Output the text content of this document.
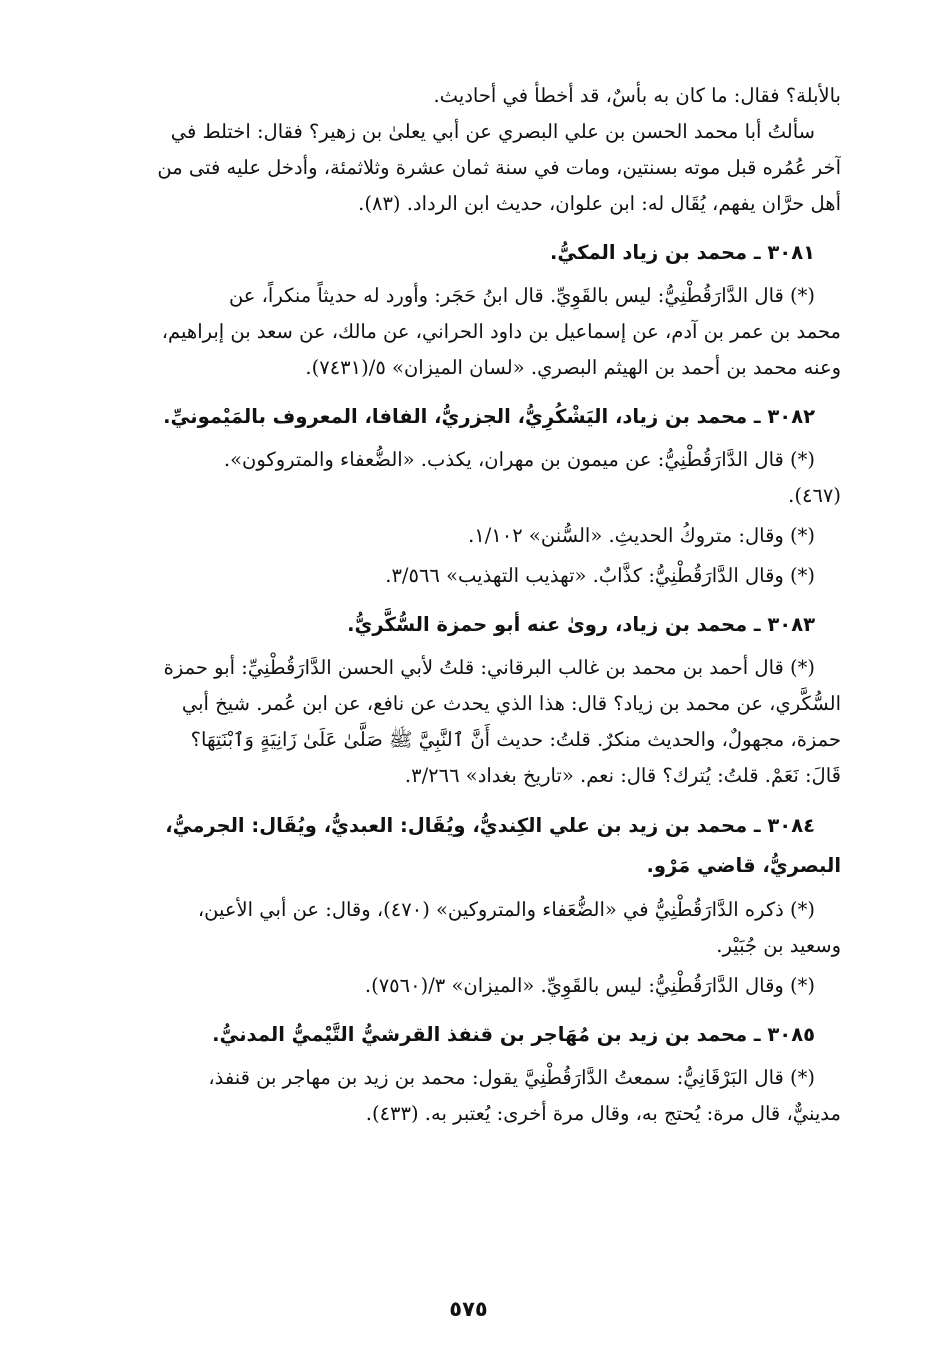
بالأبلة؟ فقال: ما كان به بأسٌ، قد أخطأ في أحاديث.

سألتُ أبا محمد الحسن بن علي البصري عن أبي يعلىٰ بن زهير؟ فقال: اختلط في

آخر عُمُره قبل موته بسنتين، ومات في سنة ثمان عشرة وثلاثمئة، وأدخل عليه فتى من

أهل حرَّان يفهم، يُقَال له: ابن علوان، حديث ابن الرداد. (٨٣).

٣٠٨١ ـ محمد بن زياد المكيُّ.

(*) قال الدَّارَقُطْنِيُّ: ليس بالقَوِيِّ. قال ابنُ حَجَر: وأورد له حديثاً منكراً، عن

محمد بن عمر بن آدم، عن إسماعيل بن داود الحراني، عن مالك، عن سعد بن إبراهيم،

وعنه محمد بن أحمد بن الهيثم البصري. «لسان الميزان» ٥/(٧٤٣١).

٣٠٨٢ ـ محمد بن زياد، اليَشْكُرِيُّ، الجزريُّ، الفافا، المعروف بالمَيْمونيِّ.

(*) قال الدَّارَقُطْنِيُّ: عن ميمون بن مهران، يكذب. «الضُّعفاء والمتروكون».

(٤٦٧).

(*) وقال: متروكُ الحديثِ. «السُّنن» ١/١٠٢.

(*) وقال الدَّارَقُطْنِيُّ: كذَّابٌ. «تهذيب التهذيب» ٣/٥٦٦.

٣٠٨٣ ـ محمد بن زياد، روىٰ عنه أبو حمزة السُّكَّريُّ.

(*) قال أحمد بن محمد بن غالب البرقاني: قلتُ لأبي الحسن الدَّارَقُطْنِيِّ: أبو حمزة

السُّكَّري، عن محمد بن زياد؟ قال: هذا الذي يحدث عن نافع، عن ابن عُمر. شيخ أبي

حمزة، مجهولٌ، والحديث منكرٌ. قلتُ: حديث أَنَّ ٱلنَّبِيَّ ﷺ صَلَّىٰ عَلَىٰ زَانِيَةٍ وَٱبْنَتِهَا؟

قَالَ: نَعَمْ. قلتُ: يُترك؟ قال: نعم. «تاريخ بغداد» ٣/٢٦٦.

٣٠٨٤ ـ محمد بن زيد بن علي الكِنديُّ، ويُقَال: العبديُّ، ويُقَال: الجرميُّ،

البصريُّ، قاضي مَرْو.

(*) ذكره الدَّارَقُطْنِيُّ في «الضُّعَفاء والمتروكين» (٤٧٠)، وقال: عن أبي الأعين،

وسعيد بن جُبَيْر.

(*) وقال الدَّارَقُطْنِيُّ: ليس بالقَوِيِّ. «الميزان» ٣/(٧٥٦٠).

٣٠٨٥ ـ محمد بن زيد بن مُهَاجر بن قنفذ القرشيُّ التَّيْميُّ المدنيُّ.

(*) قال البَرْقَانِيُّ: سمعتُ الدَّارَقُطْنِيَّ يقول: محمد بن زيد بن مهاجر بن قنفذ،

مدينيٌّ، قال مرة: يُحتج به، وقال مرة أخرى: يُعتبر به. (٤٣٣).

٥٧٥
